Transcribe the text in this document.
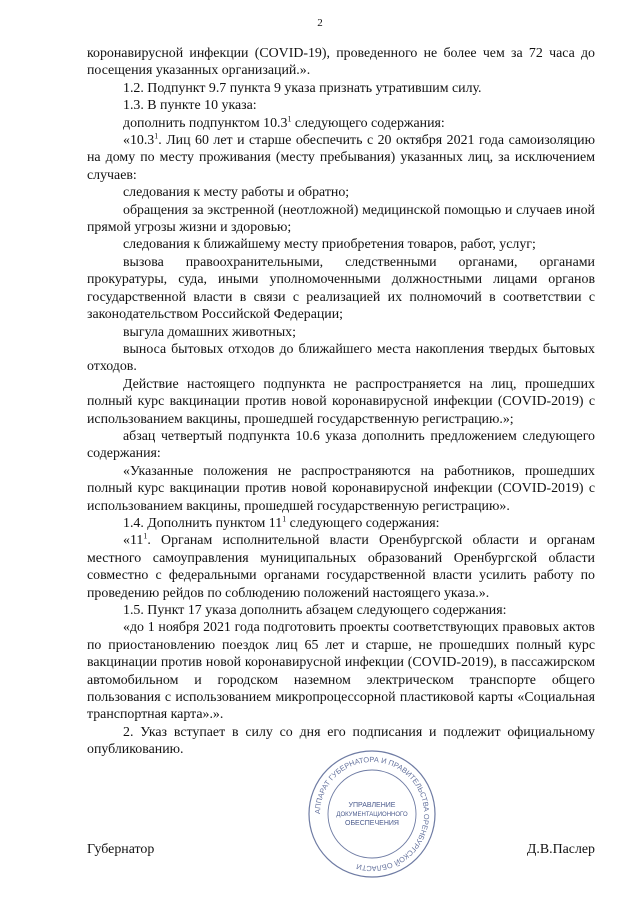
2

коронавирусной инфекции (COVID-19), проведенного не более чем за 72 часа до посещения указанных организаций.».

1.2. Подпункт 9.7 пункта 9 указа признать утратившим силу.

1.3. В пункте 10 указа:

дополнить подпунктом 10.3$^1$ следующего содержания:

«10.3$^1$. Лиц 60 лет и старше обеспечить с 20 октября 2021 года самоизоляцию на дому по месту проживания (месту пребывания) указанных лиц, за исключением случаев:

следования к месту работы и обратно;

обращения за экстренной (неотложной) медицинской помощью и случаев иной прямой угрозы жизни и здоровью;

следования к ближайшему месту приобретения товаров, работ, услуг;

вызова правоохранительными, следственными органами, органами прокуратуры, суда, иными уполномоченными должностными лицами органов государственной власти в связи с реализацией их полномочий в соответствии с законодательством Российской Федерации;

выгула домашних животных;

выноса бытовых отходов до ближайшего места накопления твердых бытовых отходов.

Действие настоящего подпункта не распространяется на лиц, прошедших полный курс вакцинации против новой коронавирусной инфекции (COVID-2019) с использованием вакцины, прошедшей государственную регистрацию.»;

абзац четвертый подпункта 10.6 указа дополнить предложением следующего содержания:

«Указанные положения не распространяются на работников, прошедших полный курс вакцинации против новой коронавирусной инфекции (COVID-2019) с использованием вакцины, прошедшей государственную регистрацию».

1.4. Дополнить пунктом $11^1$ следующего содержания:

«$11^1$. Органам исполнительной власти Оренбургской области и органам местного самоуправления муниципальных образований Оренбургской области совместно с федеральными органами государственной власти усилить работу по проведению рейдов по соблюдению положений настоящего указа.».

1.5. Пункт 17 указа дополнить абзацем следующего содержания:

«до 1 ноября 2021 года подготовить проекты соответствующих правовых актов по приостановлению поездок лиц 65 лет и старше, не прошедших полный курс вакцинации против новой коронавирусной инфекции (COVID-2019), в пассажирском автомобильном и городском наземном электрическом транспорте общего пользования с использованием микропроцессорной пластиковой карты «Социальная транспортная карта».».

2. Указ вступает в силу со дня его подписания и подлежит официальному опубликованию.

Губернатор	Д.В.Паслер
АППАРАТ ГУБЕРНАТОРА И ПРАВИТЕЛЬСТВА ОРЕНБУРГСКОЙ ОБЛАСТИ
УПРАВЛЕНИЕ
ДОКУМЕНТАЦИОННОГО
ОБЕСПЕЧЕНИЯ
